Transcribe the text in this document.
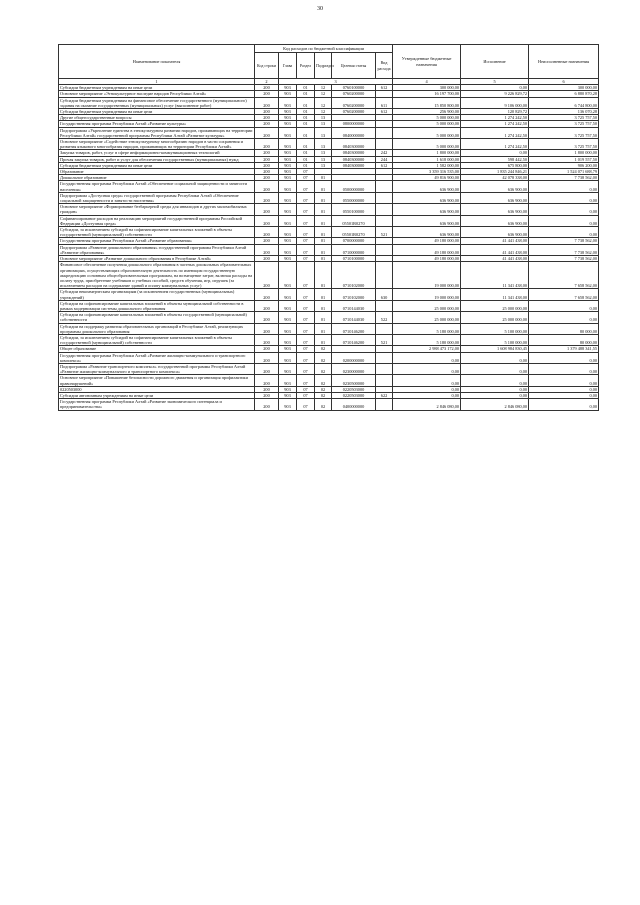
30
Наименование показателя	Код расходов по бюджетной классификации						Утвержденные бюджетные назначения	Исполнение	Неисполненные назначения
	Код строки	Глава	Раздел	Подраздел	Целевая статья	Вид расхода			
1	2	3					4	5	6
Субсидии бюджетным учреждениям на иные цели	200	903	01	12	0760100000	612	300 000,00	0,00	300 000,00
Основное мероприятие «Этнокультурное наследие народов Республики Алтай»	200	903	01	12	0760200000		16 197 700,00	9 226 829,72	6 880 870,28
Субсидии бюджетным учреждениям на финансовое обеспечение государственного (муниципального) задания на оказание государственных (муниципальных) услуг (выполнение работ)	200	903	01	12	0760200000	611	15 850 800,00	9 106 000,00	6 744 800,00
Субсидии бюджетным учреждениям на иные цели	200	903	01	12	0760200000	612	256 900,00	120 829,72	136 070,28
Другие общегосударственные вопросы	200	903	01	13			5 000 000,00	1 274 242,50	3 725 757,50
Государственная программа Республики Алтай «Развитие культуры»	200	903	01	13	0800000000		5 000 000,00	1 274 242,50	3 725 757,50
Подпрограмма «Укрепление единства в этнокультурном развитии народов, проживающих на территории Республики Алтай» государственной программы Республики Алтай «Развитие культуры»	200	903	01	13	0840000000		5 000 000,00	1 274 242,50	3 725 757,50
Основное мероприятие «Содействие этнокультурному многообразию народов в части сохранения и развития языкового многообразия народов, проживающих на территории Республики Алтай»	200	903	01	13	0840300000		5 000 000,00	1 274 242,50	3 725 757,50
Закупка товаров, работ, услуг в сфере информационно-коммуникационных технологий	200	903	01	13	0840300000	242	1 800 000,00	0,00	1 800 000,00
Прочая закупка товаров, работ и услуг для обеспечения государственных (муниципальных) нужд	200	903	01	13	0840300000	244	1 618 000,00	598 442,50	1 019 557,50
Субсидии бюджетным учреждениям на иные цели	200	903	01	13	0840300000	612	1 582 000,00	675 800,00	906 200,00
Образование	200	903	07				3 359 316 535,00	1 835 244 846,21	1 524 071 688,79
Дошкольное образование	200	903	07	01			49 816 900,00	42 078 338,00	7 738 562,00
Государственная программа Республики Алтай «Обеспечение социальной защищенности и занятости населения»	200	903	07	01	0500000000		636 900,00	636 900,00	0,00
Подпрограмма «Доступная среда» государственной программы Республики Алтай «Обеспечение социальной защищенности и занятости населения»	200	903	07	01	0550000000		636 900,00	636 900,00	0,00
Основное мероприятие «Формирование безбарьерной среды для инвалидов и других маломобильных граждан»	200	903	07	01	0550100000		636 900,00	636 900,00	0,00
Софинансирование расходов на реализацию мероприятий государственной программы Российской Федерации «Доступная среда»	200	903	07	01	05501R0270		636 900,00	636 900,00	0,00
Субсидии, за исключением субсидий на софинансирование капитальных вложений в объекты государственной (муниципальной) собственности	200	903	07	01	05501R0270	521	636 900,00	636 900,00	0,00
Государственная программа Республики Алтай «Развитие образования»	200	903	07	01	0700000000		49 180 000,00	41 441 438,00	7 738 562,00
Подпрограмма «Развитие дошкольного образования» государственной программы Республики Алтай «Развитие образования»	200	903	07	01	0710000000		49 180 000,00	41 441 438,00	7 738 562,00
Основное мероприятие «Развитие дошкольного образования в Республике Алтай»	200	903	07	01	0710100000		49 180 000,00	41 441 438,00	7 738 562,00
Финансовое обеспечение получения дошкольного образования в частных дошкольных образовательных организациях, осуществляющих образовательную деятельность по имеющим государственную аккредитацию основным общеобразовательным программам, на возмещение затрат, включая расходы на оплату труда, приобретение учебников и учебных пособий, средств обучения, игр, игрушек (за исключением расходов на содержание зданий и оплату коммунальных услуг)	200	903	07	01	0710102000		19 000 000,00	11 341 438,00	7 658 562,00
Субсидии некоммерческим организациям (за исключением государственных (муниципальных) учреждений)	200	903	07	01	0710102000	630	19 000 000,00	11 341 438,00	7 658 562,00
Субсидии на софинансирование капитальных вложений в объекты муниципальной собственности в рамках модернизации системы дошкольного образования	200	903	07	01	0710144030		25 000 000,00	25 000 000,00	0,00
Субсидии на софинансирование капитальных вложений в объекты государственной (муниципальной) собственности	200	903	07	01	0710144030	522	25 000 000,00	25 000 000,00	0,00
Субсидии на поддержку развития образовательных организаций в Республике Алтай, реализующих программы дошкольного образования	200	903	07	01	0710146200		5 180 000,00	5 100 000,00	80 000,00
Субсидии, за исключением субсидий на софинансирование капитальных вложений в объекты государственной (муниципальной) собственности	200	903	07	01	0710146200	521	5 180 000,00	5 100 000,00	80 000,00
Общее образование	200	903	07	02			2 988 473 172,00	1 608 984 830,45	1 379 488 341,55
Государственная программа Республики Алтай «Развитие жилищно-коммунального и транспортного комплекса»	200	903	07	02	0200000000		0,00	0,00	0,00
Подпрограмма «Развитие транспортного комплекса» государственной программы Республики Алтай «Развитие жилищно-коммунального и транспортного комплекса»	200	903	07	02	0230000000		0,00	0,00	0,00
Основное мероприятие «Повышение безопасности дорожного движения и организация профилактики правонарушений»	200	903	07	02	0230500000		0,00	0,00	0,00
0220503000	200	903	07	02	0220503000		0,00	0,00	0,00
Субсидии автономным учреждениям на иные цели	200	903	07	02	0220503000	622	0,00	0,00	0,00
Государственная программа Республики Алтай «Развитие экономического потенциала и предпринимательства»	200	903	07	02	0400000000		2 846 080,00	2 846 080,00	0,00
